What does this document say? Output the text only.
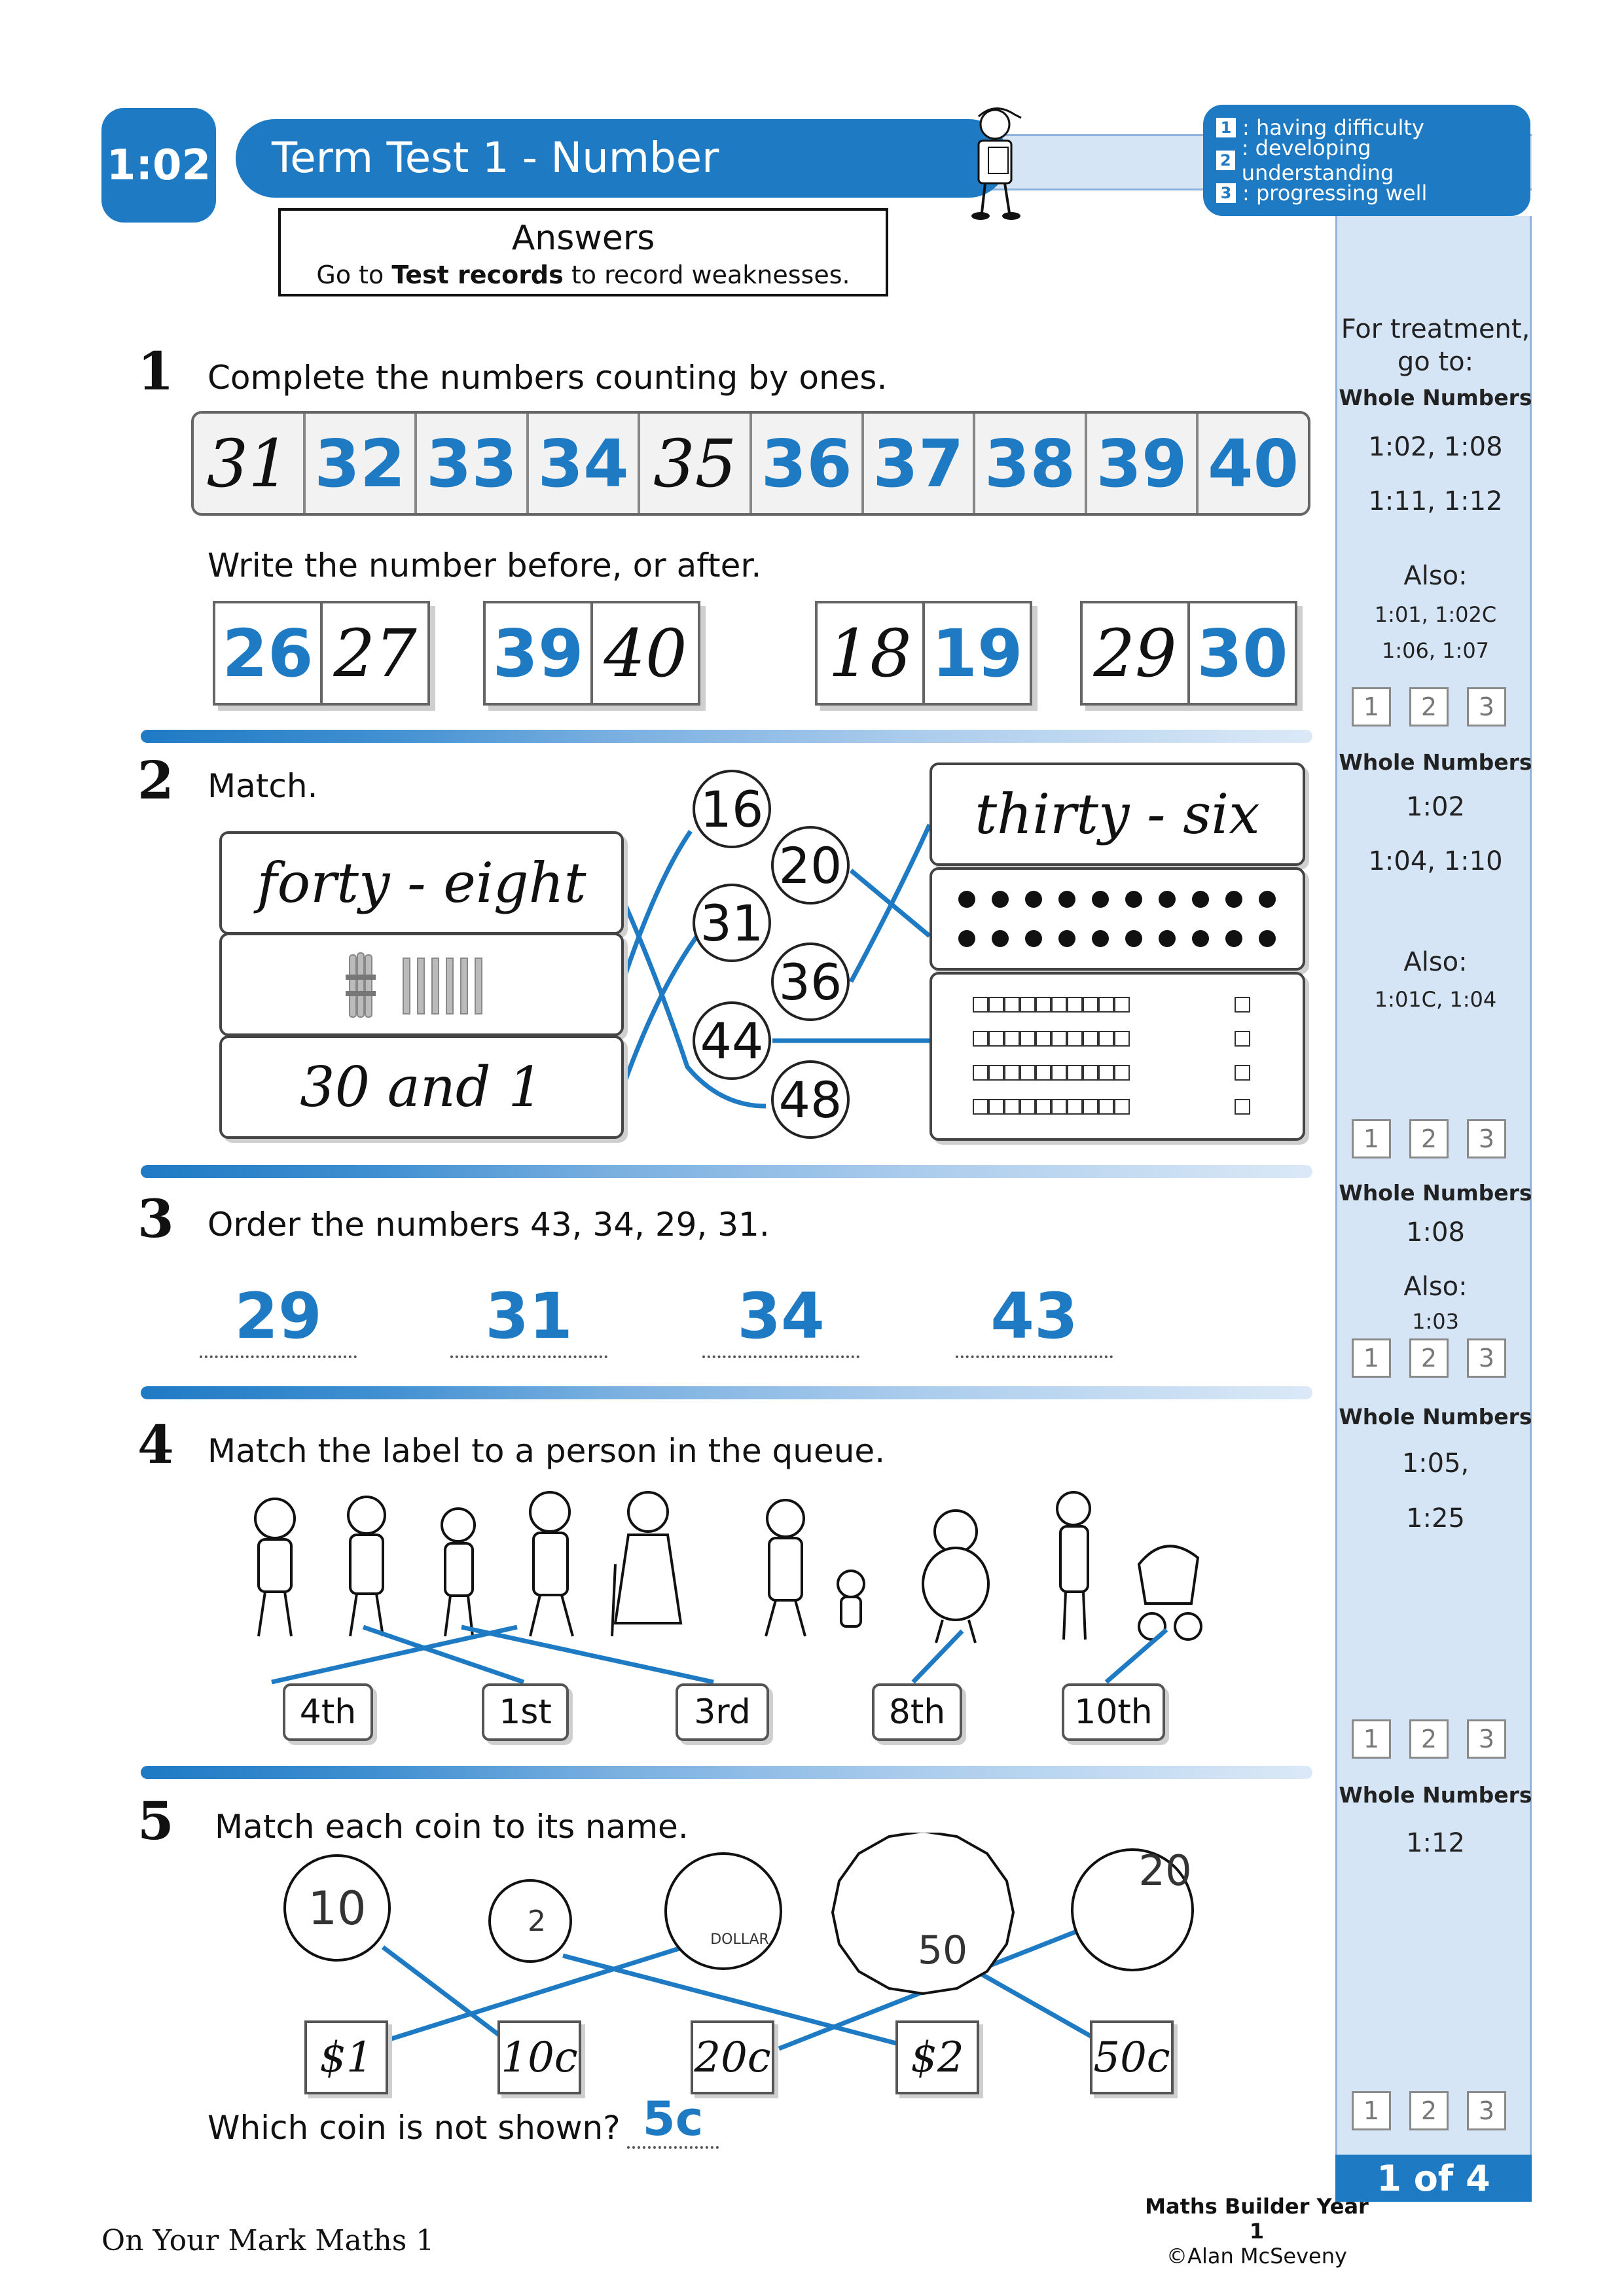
1:02	Term Test 1 - Number
1 : having difficulty
2 : developing understanding
3 : progressing well
Answers
Go to Test records to record weaknesses.
For treatment,
go to:
Whole Numbers
1:02, 1:08
1:11, 1:12
Also:
1:01, 1:02C
1:06, 1:07
1	2	3
Whole Numbers
1:02
1:04, 1:10
Also:
1:01C, 1:04
1	2	3
Whole Numbers
1:08
Also:
1:03
1	2	3
Whole Numbers
1:05,
1:25
1	2	3
Whole Numbers
1:12
1	2	3
1 of 4
1 Complete the numbers counting by ones.
31 32 33 34 35 36 37 38 39 40
Write the number before, or after.
26 27 39 40 18 19 29 30
2 Match.
forty - eight
30 and 1
16
20
31
36
44
48
thirty - six
3 Order the numbers 43, 34, 29, 31.
29	31	34	43
4 Match the label to a person in the queue.
4th	1st	3rd	8th	10th
5 Match each coin to its name.
10	2
DOLLAR	50
20
$1	10c	20c	$2	50c
Which coin is not shown? 5c
On Your Mark Maths 1
Maths Builder Year 1
©Alan McSeveny
